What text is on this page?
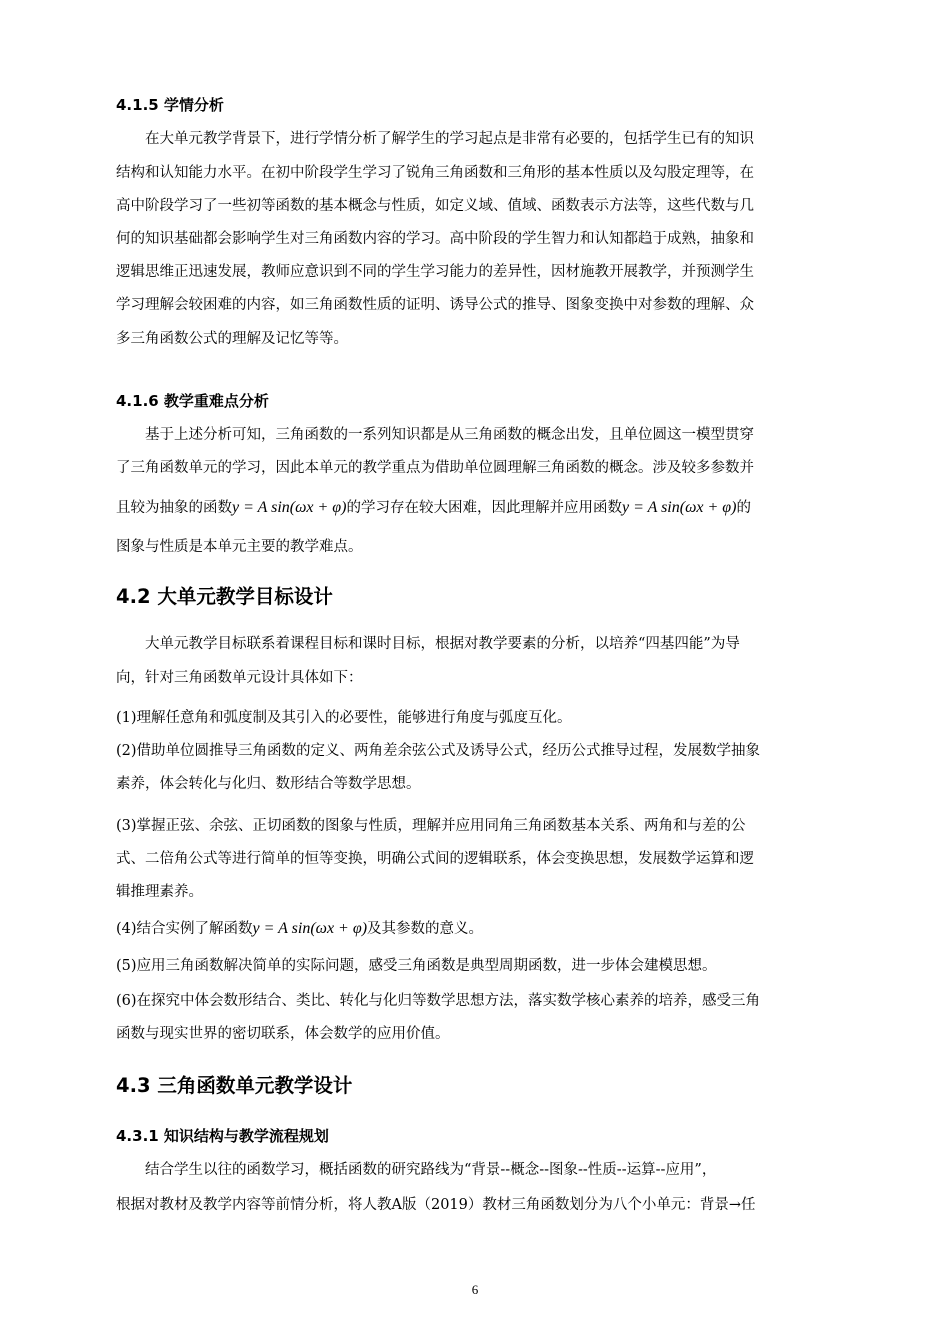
4.1.5 学情分析
在大单元教学背景下，进行学情分析了解学生的学习起点是非常有必要的，包括学生已有的知识
结构和认知能力水平。在初中阶段学生学习了锐角三角函数和三角形的基本性质以及勾股定理等，在
高中阶段学习了一些初等函数的基本概念与性质，如定义域、值域、函数表示方法等，这些代数与几
何的知识基础都会影响学生对三角函数内容的学习。高中阶段的学生智力和认知都趋于成熟，抽象和
逻辑思维正迅速发展，教师应意识到不同的学生学习能力的差异性，因材施教开展教学，并预测学生
学习理解会较困难的内容，如三角函数性质的证明、诱导公式的推导、图象变换中对参数的理解、众
多三角函数公式的理解及记忆等等。
4.1.6 教学重难点分析
基于上述分析可知，三角函数的一系列知识都是从三角函数的概念出发，且单位圆这一模型贯穿
了三角函数单元的学习，因此本单元的教学重点为借助单位圆理解三角函数的概念。涉及较多参数并
且较为抽象的函数y = A sin(ωx + φ)的学习存在较大困难，因此理解并应用函数y = A sin(ωx + φ)的
图象与性质是本单元主要的教学难点。
4.2 大单元教学目标设计
大单元教学目标联系着课程目标和课时目标，根据对教学要素的分析，以培养“四基四能”为导
向，针对三角函数单元设计具体如下：
(1)理解任意角和弧度制及其引入的必要性，能够进行角度与弧度互化。
(2)借助单位圆推导三角函数的定义、两角差余弦公式及诱导公式，经历公式推导过程，发展数学抽象
素养，体会转化与化归、数形结合等数学思想。
(3)掌握正弦、余弦、正切函数的图象与性质，理解并应用同角三角函数基本关系、两角和与差的公
式、二倍角公式等进行简单的恒等变换，明确公式间的逻辑联系，体会变换思想，发展数学运算和逻
辑推理素养。
(4)结合实例了解函数y = A sin(ωx + φ)及其参数的意义。
(5)应用三角函数解决简单的实际问题，感受三角函数是典型周期函数，进一步体会建模思想。
(6)在探究中体会数形结合、类比、转化与化归等数学思想方法，落实数学核心素养的培养，感受三角
函数与现实世界的密切联系，体会数学的应用价值。
4.3 三角函数单元教学设计
4.3.1 知识结构与教学流程规划
结合学生以往的函数学习，概括函数的研究路线为“背景--概念--图象--性质--运算--应用”，
根据对教材及教学内容等前情分析，将人教A版（2019）教材三角函数划分为八个小单元：背景→任
6
